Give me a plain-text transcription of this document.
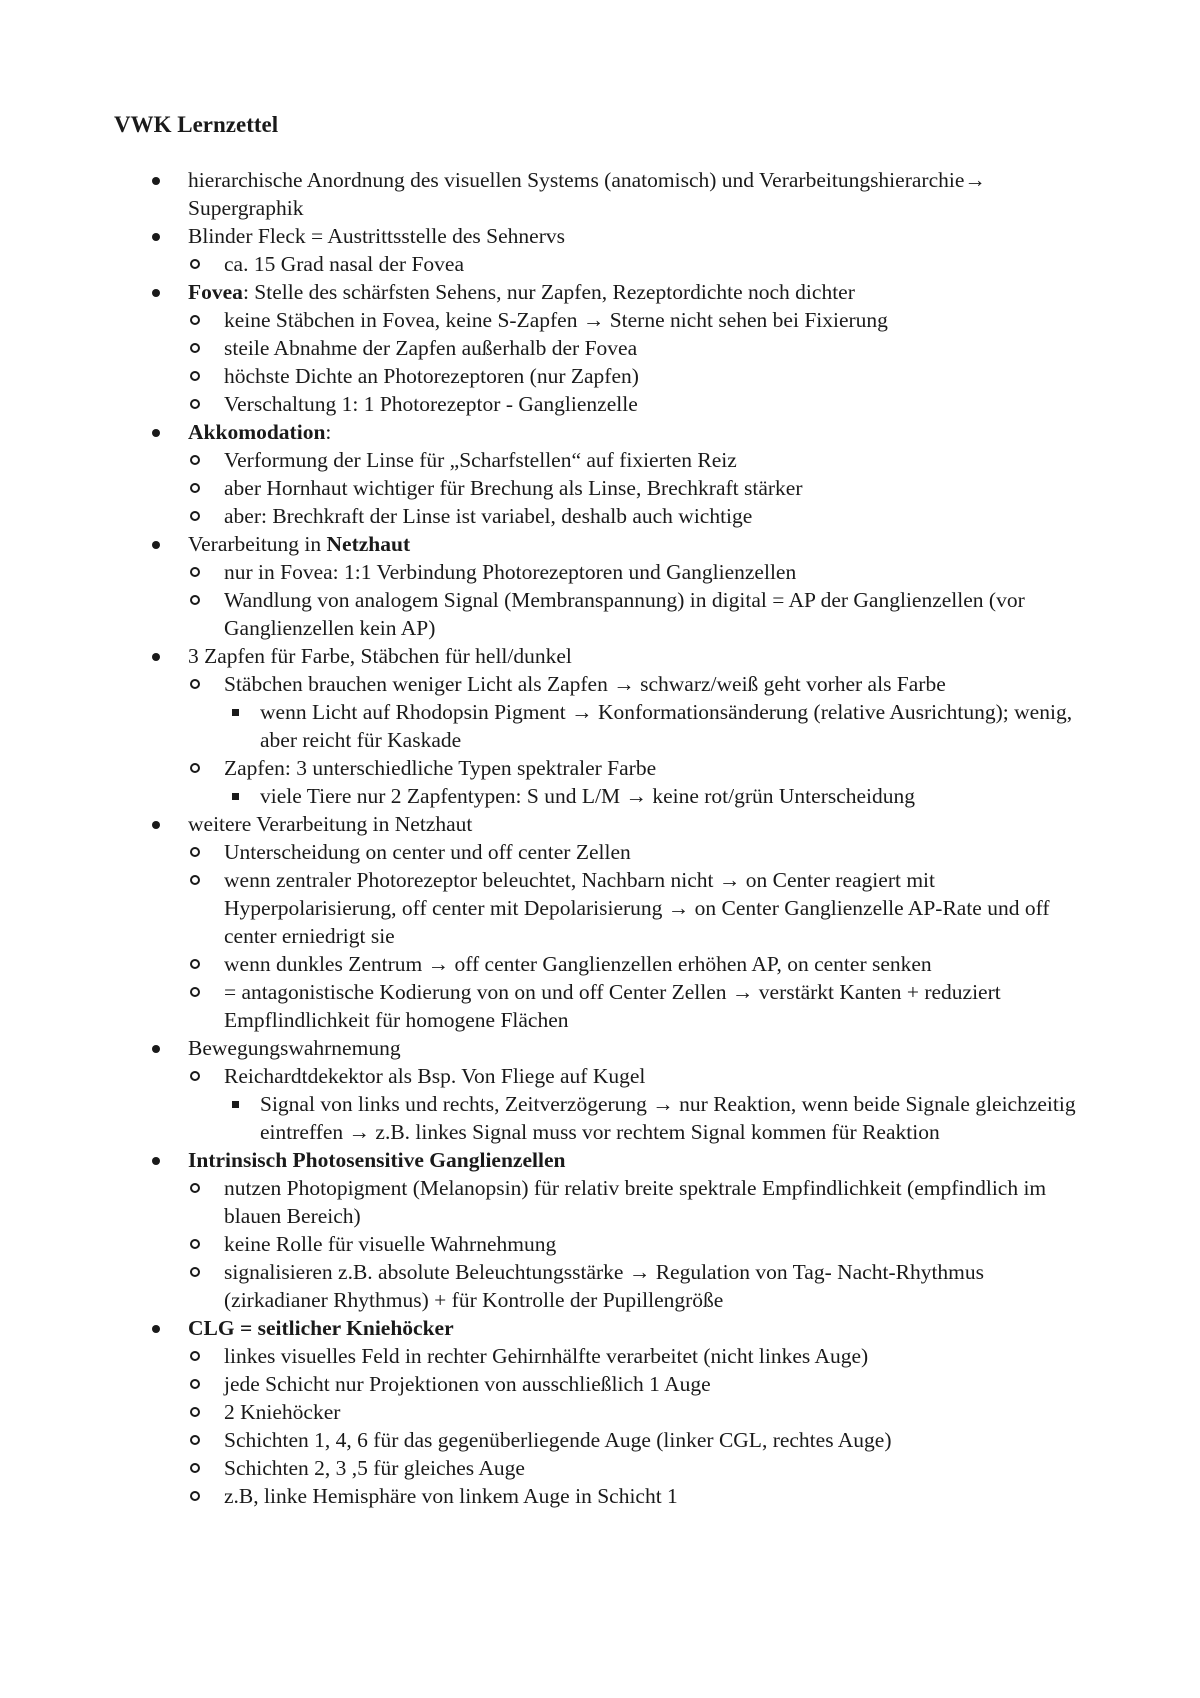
VWK Lernzettel
hierarchische Anordnung des visuellen Systems (anatomisch) und Verarbeitungshierarchie→ Supergraphik
Blinder Fleck = Austrittsstelle des Sehnervs
ca. 15 Grad nasal der Fovea
Fovea: Stelle des schärfsten Sehens, nur Zapfen, Rezeptordichte noch dichter
keine Stäbchen in Fovea, keine S-Zapfen → Sterne nicht sehen bei Fixierung
steile Abnahme der Zapfen außerhalb der Fovea
höchste Dichte an Photorezeptoren (nur Zapfen)
Verschaltung 1: 1 Photorezeptor - Ganglienzelle
Akkomodation:
Verformung der Linse für „Scharfstellen“ auf fixierten Reiz
aber Hornhaut wichtiger für Brechung als Linse, Brechkraft stärker
aber: Brechkraft der Linse ist variabel, deshalb auch wichtige
Verarbeitung in Netzhaut
nur in Fovea: 1:1 Verbindung Photorezeptoren und Ganglienzellen
Wandlung von analogem Signal (Membranspannung) in digital = AP der Ganglienzellen (vor Ganglienzellen kein AP)
3 Zapfen für Farbe, Stäbchen für hell/dunkel
Stäbchen brauchen weniger Licht als Zapfen → schwarz/weiß geht vorher als Farbe
wenn Licht auf Rhodopsin Pigment → Konformationsänderung (relative Ausrichtung); wenig, aber reicht für Kaskade
Zapfen: 3 unterschiedliche Typen spektraler Farbe
viele Tiere nur 2 Zapfentypen: S und L/M → keine rot/grün Unterscheidung
weitere Verarbeitung in Netzhaut
Unterscheidung on center und off center Zellen
wenn zentraler Photorezeptor beleuchtet, Nachbarn nicht → on Center reagiert mit Hyperpolarisierung, off center mit Depolarisierung → on Center Ganglienzelle AP-Rate und off center erniedrigt sie
wenn dunkles Zentrum → off center Ganglienzellen erhöhen AP, on center senken
= antagonistische Kodierung von on und off Center Zellen → verstärkt Kanten + reduziert Empflindlichkeit für homogene Flächen
Bewegungswahrnemung
Reichardtdekektor als Bsp. Von Fliege auf Kugel
Signal von links und rechts, Zeitverzögerung → nur Reaktion, wenn beide Signale gleichzeitig eintreffen → z.B. linkes Signal muss vor rechtem Signal kommen für Reaktion
Intrinsisch Photosensitive Ganglienzellen
nutzen Photopigment (Melanopsin) für relativ breite spektrale Empfindlichkeit (empfindlich im blauen Bereich)
keine Rolle für visuelle Wahrnehmung
signalisieren z.B. absolute Beleuchtungsstärke → Regulation von Tag- Nacht-Rhythmus (zirkadianer Rhythmus) + für Kontrolle der Pupillengröße
CLG = seitlicher Kniehöcker
linkes visuelles Feld in rechter Gehirnhälfte verarbeitet (nicht linkes Auge)
jede Schicht nur Projektionen von ausschließlich 1 Auge
2 Kniehöcker
Schichten 1, 4, 6 für das gegenüberliegende Auge (linker CGL, rechtes Auge)
Schichten 2, 3 ,5 für gleiches Auge
z.B, linke Hemisphäre von linkem Auge in Schicht 1
